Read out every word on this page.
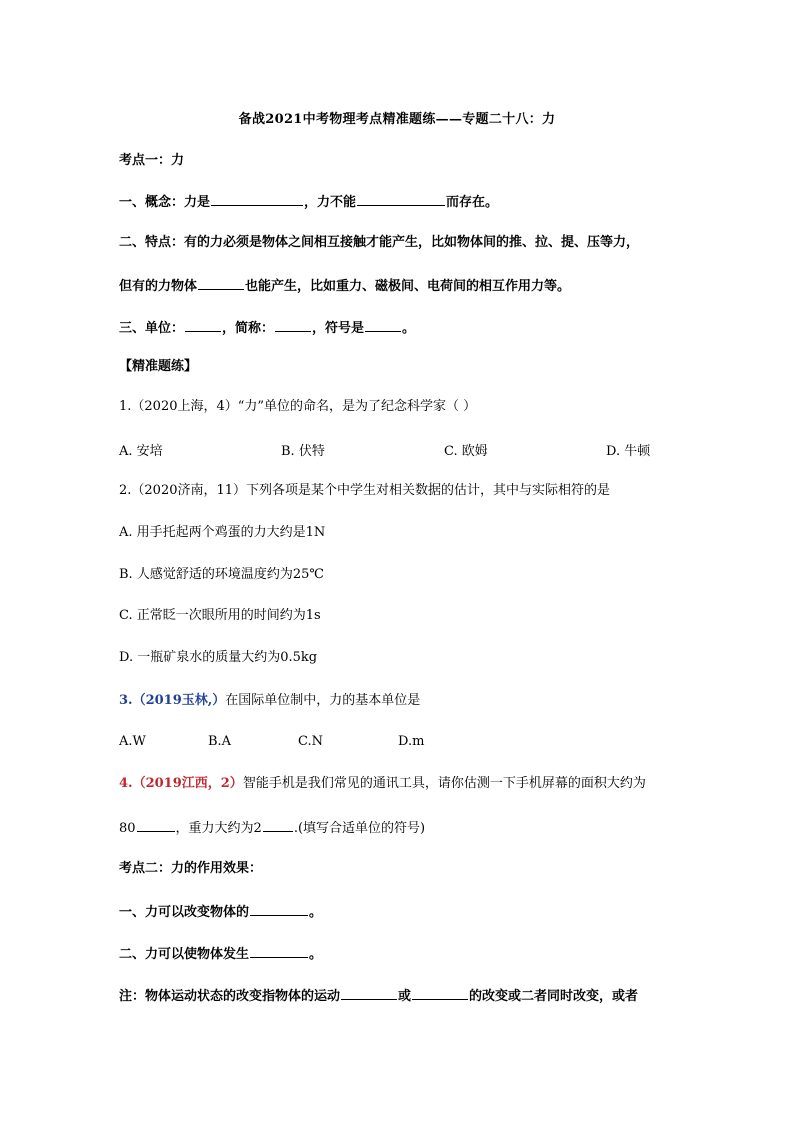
备战2021中考物理考点精准题练——专题二十八：力
考点一：力
一、概念：力是	，力不能	而存在。
二、特点：有的力必须是物体之间相互接触才能产生，比如物体间的推、拉、提、压等力，
但有的力物体	也能产生，比如重力、磁极间、电荷间的相互作用力等。
三、单位：	，简称：	，符号是	。
【精准题练】
1.（2020上海，4）“力”单位的命名，是为了纪念科学家（ ）
A. 安培	B. 伏特	C. 欧姆	D. 牛顿
2.（2020济南，11）下列各项是某个中学生对相关数据的估计，其中与实际相符的是
A. 用手托起两个鸡蛋的力大约是1N
B. 人感觉舒适的环境温度约为25℃
C. 正常眨一次眼所用的时间约为1s
D. 一瓶矿泉水的质量大约为0.5kg
3.（2019玉林,）在国际单位制中，力的基本单位是
A.W	B.A	C.N	D.m
4.（2019江西，2）智能手机是我们常见的通讯工具，请你估测一下手机屏幕的面积大约为
80	，重力大约为2 .(填写合适单位的符号)
考点二：力的作用效果：
一、力可以改变物体的	。
二、力可以使物体发生	。
注：物体运动状态的改变指物体的运动	或	的改变或二者同时改变，或者
